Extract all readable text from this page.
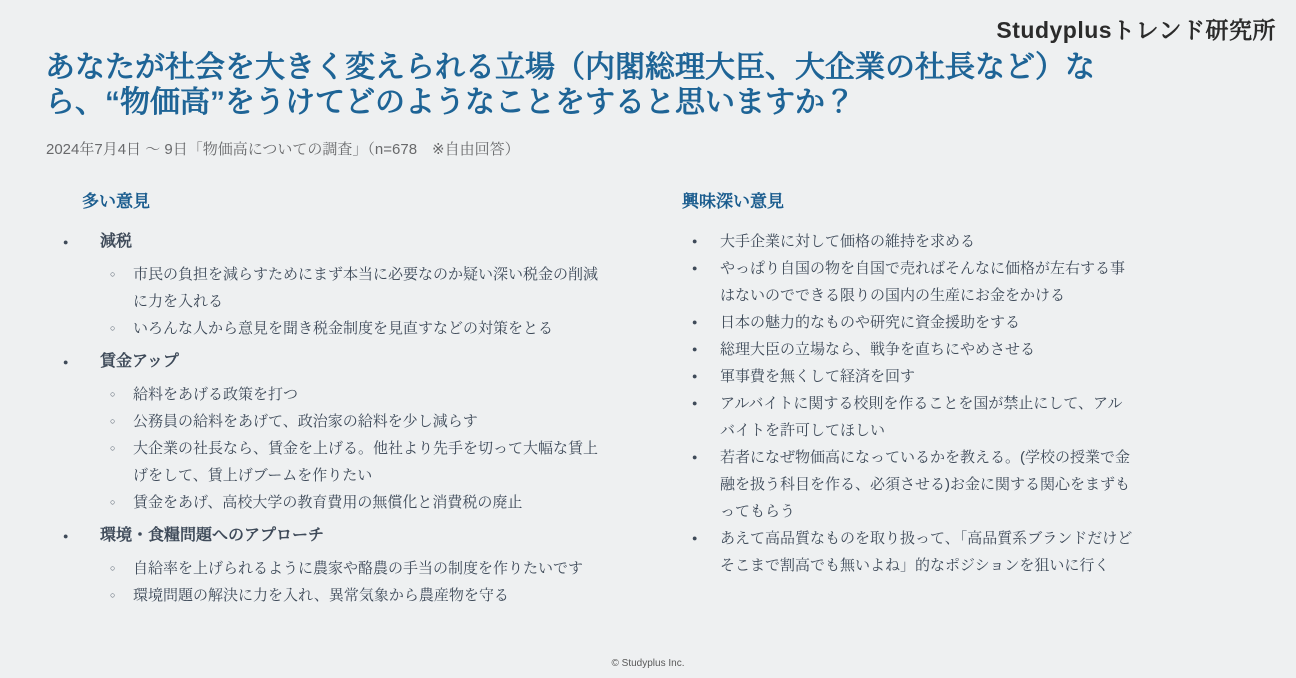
Studyplusトレンド研究所
あなたが社会を大きく変えられる立場（内閣総理大臣、大企業の社長など）な
ら、“物価高”をうけてどのようなことをすると思いますか？

2024年7月4日 〜 9日「物価高についての調査」（n=678　※自由回答）

多い意見
●	減税
○	市民の負担を減らすためにまず本当に必要なのか疑い深い税金の削減に力を入れる
○	いろんな人から意見を聞き税金制度を見直すなどの対策をとる
●	賃金アップ
○	給料をあげる政策を打つ
○	公務員の給料をあげて、政治家の給料を少し減らす
○	大企業の社長なら、賃金を上げる。他社より先手を切って大幅な賃上げをして、賃上げブームを作りたい
○	賃金をあげ、高校大学の教育費用の無償化と消費税の廃止
●	環境・食糧問題へのアプローチ
○	自給率を上げられるように農家や酪農の手当の制度を作りたいです
○	環境問題の解決に力を入れ、異常気象から農産物を守る
興味深い意見
●	大手企業に対して価格の維持を求める
●	やっぱり自国の物を自国で売ればそんなに価格が左右する事はないのでできる限りの国内の生産にお金をかける
●	日本の魅力的なものや研究に資金援助をする
●	総理大臣の立場なら、戦争を直ちにやめさせる
●	軍事費を無くして経済を回す
●	アルバイトに関する校則を作ることを国が禁止にして、アルバイトを許可してほしい
●	若者になぜ物価高になっているかを教える。(学校の授業で金融を扱う科目を作る、必須させる)お金に関する関心をまずもってもらう
●	あえて高品質なものを取り扱って、「高品質系ブランドだけどそこまで割高でも無いよね」的なポジションを狙いに行く
© Studyplus Inc.
